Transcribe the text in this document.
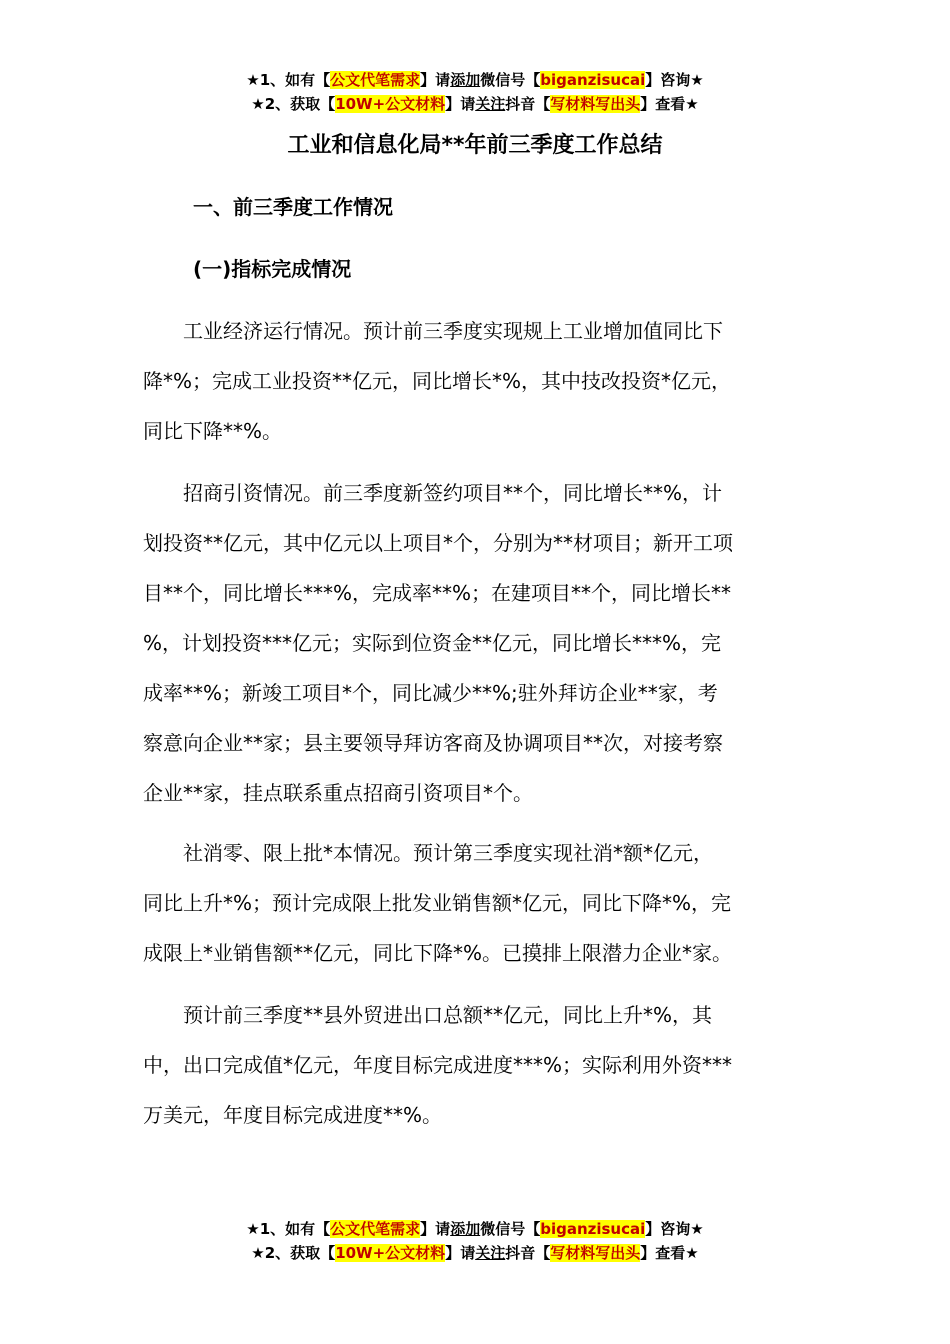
★1、如有【公文代笔需求】请添加微信号【biganzisucai】咨询★
★2、获取【10W+公文材料】请关注抖音【写材料写出头】查看★
工业和信息化局**年前三季度工作总结
一、前三季度工作情况
(一)指标完成情况
　　工业经济运行情况。预计前三季度实现规上工业增加值同比下
降*%；完成工业投资**亿元，同比增长*%，其中技改投资*亿元，
同比下降**%。
　　招商引资情况。前三季度新签约项目**个，同比增长**%，计
划投资**亿元，其中亿元以上项目*个，分别为**材项目；新开工项
目**个，同比增长***%，完成率**%；在建项目**个，同比增长**
%，计划投资***亿元；实际到位资金**亿元，同比增长***%，完
成率**%；新竣工项目*个，同比减少**%;驻外拜访企业**家，考
察意向企业**家；县主要领导拜访客商及协调项目**次，对接考察
企业**家，挂点联系重点招商引资项目*个。
　　社消零、限上批*本情况。预计第三季度实现社消*额*亿元，
同比上升*%；预计完成限上批发业销售额*亿元，同比下降*%，完
成限上*业销售额**亿元，同比下降*%。已摸排上限潜力企业*家。
　　预计前三季度**县外贸进出口总额**亿元，同比上升*%，其
中，出口完成值*亿元，年度目标完成进度***%；实际利用外资***
万美元，年度目标完成进度**%。
★1、如有【公文代笔需求】请添加微信号【biganzisucai】咨询★
★2、获取【10W+公文材料】请关注抖音【写材料写出头】查看★
